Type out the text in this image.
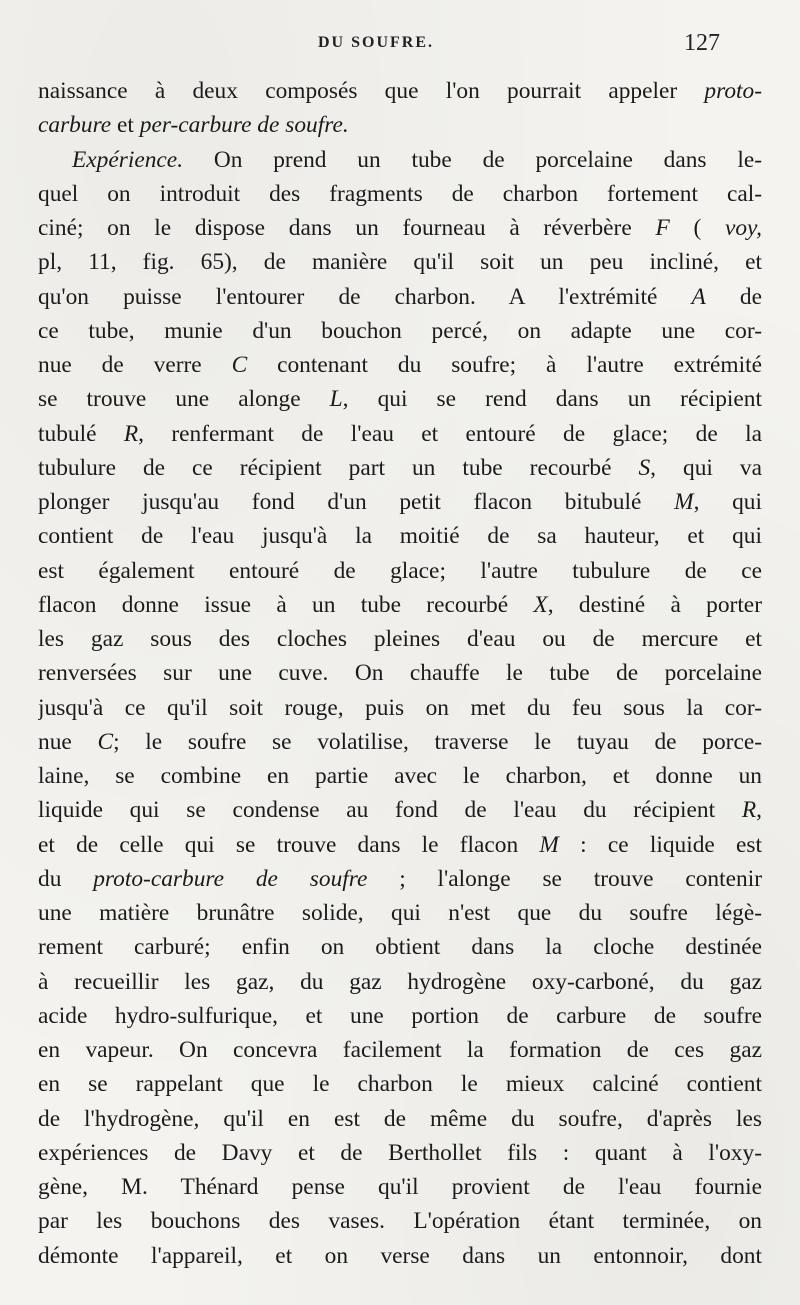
DU SOUFRE.	127
naissance à deux composés que l'on pourrait appeler proto-
carbure et per-carbure de soufre.
Expérience. On prend un tube de porcelaine dans le-
quel on introduit des fragments de charbon fortement cal-
ciné; on le dispose dans un fourneau à réverbère F ( voy,
pl, 11, fig. 65), de manière qu'il soit un peu incliné, et
qu'on puisse l'entourer de charbon. A l'extrémité A de
ce tube, munie d'un bouchon percé, on adapte une cor-
nue de verre C contenant du soufre; à l'autre extrémité
se trouve une alonge L, qui se rend dans un récipient
tubulé R, renfermant de l'eau et entouré de glace; de la
tubulure de ce récipient part un tube recourbé S, qui va
plonger jusqu'au fond d'un petit flacon bitubulé M, qui
contient de l'eau jusqu'à la moitié de sa hauteur, et qui
est également entouré de glace; l'autre tubulure de ce
flacon donne issue à un tube recourbé X, destiné à porter
les gaz sous des cloches pleines d'eau ou de mercure et
renversées sur une cuve. On chauffe le tube de porcelaine
jusqu'à ce qu'il soit rouge, puis on met du feu sous la cor-
nue C; le soufre se volatilise, traverse le tuyau de porce-
laine, se combine en partie avec le charbon, et donne un
liquide qui se condense au fond de l'eau du récipient R,
et de celle qui se trouve dans le flacon M : ce liquide est
du proto-carbure de soufre ; l'alonge se trouve contenir
une matière brunâtre solide, qui n'est que du soufre légè-
rement carburé; enfin on obtient dans la cloche destinée
à recueillir les gaz, du gaz hydrogène oxy-carboné, du gaz
acide hydro-sulfurique, et une portion de carbure de soufre
en vapeur. On concevra facilement la formation de ces gaz
en se rappelant que le charbon le mieux calciné contient
de l'hydrogène, qu'il en est de même du soufre, d'après les
expériences de Davy et de Berthollet fils : quant à l'oxy-
gène, M. Thénard pense qu'il provient de l'eau fournie
par les bouchons des vases. L'opération étant terminée, on
démonte l'appareil, et on verse dans un entonnoir, dont
